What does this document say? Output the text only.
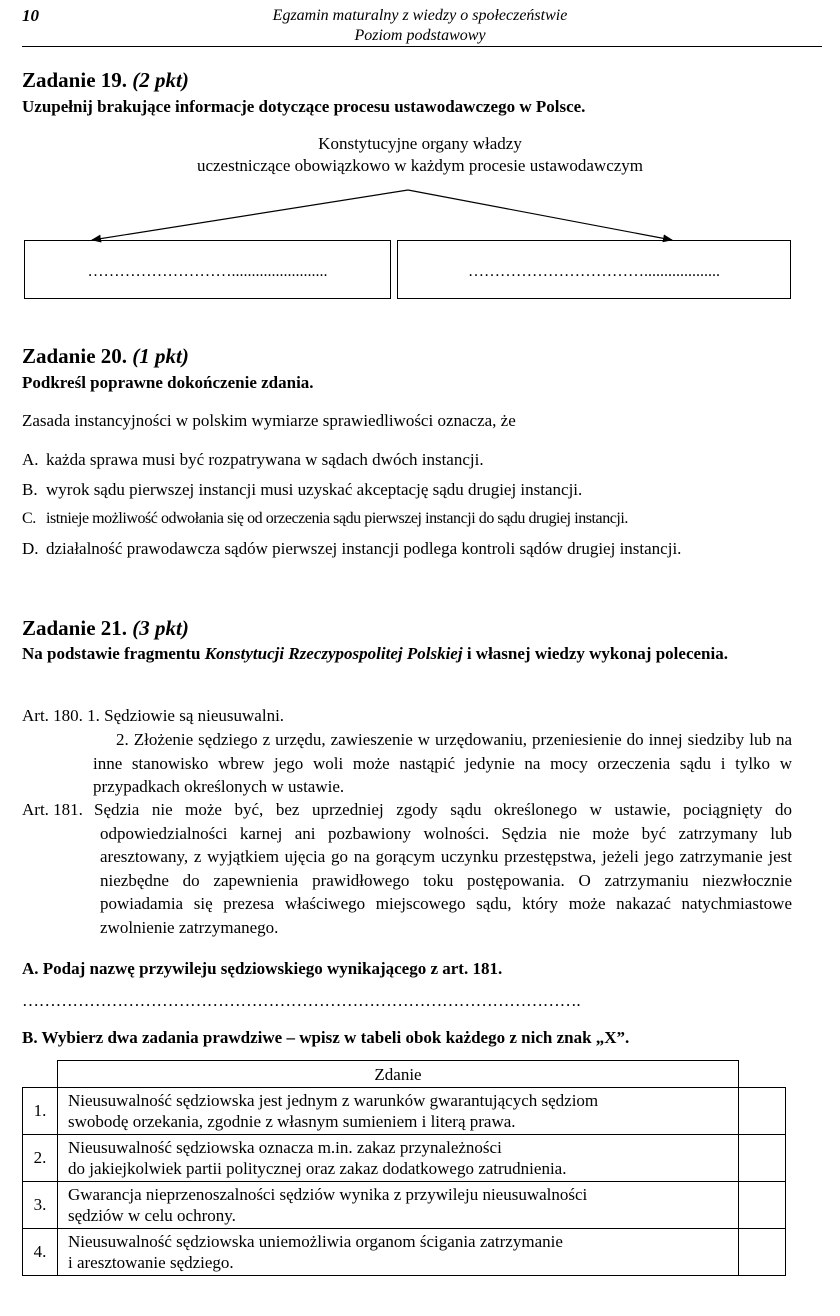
10	Egzamin maturalny z wiedzy o społeczeństwie
Poziom podstawowy
Zadanie 19. (2 pkt)
Uzupełnij brakujące informacje dotyczące procesu ustawodawczego w Polsce.
Konstytucyjne organy władzy
uczestniczące obowiązkowo w każdym procesie ustawodawczym
………………………........................	……………………………...................
Zadanie 20. (1 pkt)
Podkreśl poprawne dokończenie zdania.
Zasada instancyjności w polskim wymiarze sprawiedliwości oznacza, że
A. każda sprawa musi być rozpatrywana w sądach dwóch instancji.
B. wyrok sądu pierwszej instancji musi uzyskać akceptację sądu drugiej instancji.
C. istnieje możliwość odwołania się od orzeczenia sądu pierwszej instancji do sądu drugiej instancji.
D. działalność prawodawcza sądów pierwszej instancji podlega kontroli sądów drugiej instancji.
Zadanie 21. (3 pkt)
Na podstawie fragmentu Konstytucji Rzeczypospolitej Polskiej i własnej wiedzy wykonaj polecenia.
Art. 180. 1. Sędziowie są nieusuwalni.
2. Złożenie sędziego z urzędu, zawieszenie w urzędowaniu, przeniesienie do innej siedziby lub na inne stanowisko wbrew jego woli może nastąpić jedynie na mocy orzeczenia sądu i tylko w przypadkach określonych w ustawie.
Art. 181. Sędzia nie może być, bez uprzedniej zgody sądu określonego w ustawie, pociągnięty do odpowiedzialności karnej ani pozbawiony wolności. Sędzia nie może być zatrzymany lub aresztowany, z wyjątkiem ujęcia go na gorącym uczynku przestępstwa, jeżeli jego zatrzymanie jest niezbędne do zapewnienia prawidłowego toku postępowania. O zatrzymaniu niezwłocznie powiadamia się prezesa właściwego miejscowego sądu, który może nakazać natychmiastowe zwolnienie zatrzymanego.
A. Podaj nazwę przywileju sędziowskiego wynikającego z art. 181.
……………………………………………………………………………………….
B. Wybierz dwa zadania prawdziwe – wpisz w tabeli obok każdego z nich znak „X”.
	Zdanie	
1.	Nieusuwalność sędziowska jest jednym z warunków gwarantujących sędziom
swobodę orzekania, zgodnie z własnym sumieniem i literą prawa.	

2.	Nieusuwalność sędziowska oznacza m.in. zakaz przynależności
do jakiejkolwiek partii politycznej oraz zakaz dodatkowego zatrudnienia.	

3.	Gwarancja nieprzenoszalności sędziów wynika z przywileju nieusuwalności
sędziów w celu ochrony.	

4.	Nieusuwalność sędziowska uniemożliwia organom ścigania zatrzymanie
i aresztowanie sędziego.	
